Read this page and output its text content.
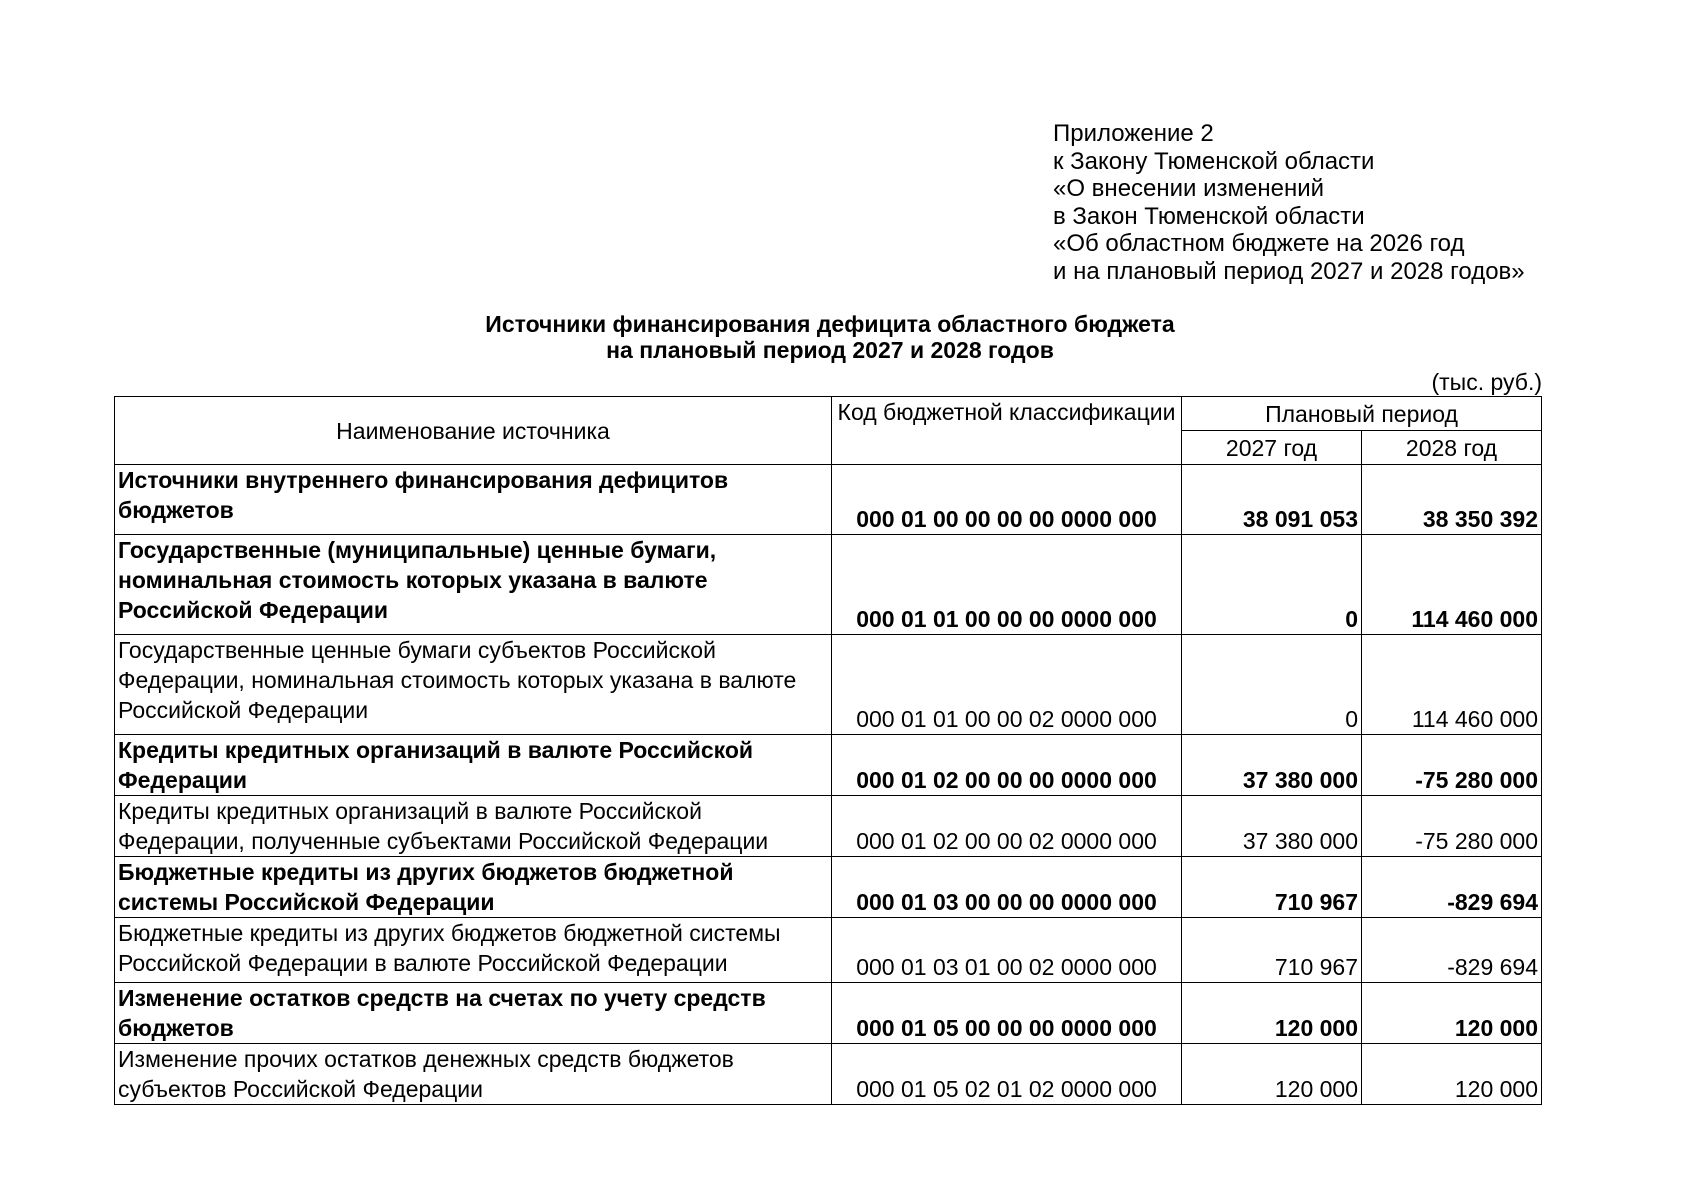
Приложение 2
к Закону Тюменской области
«О внесении изменений
в Закон Тюменской области
«Об областном бюджете на 2026 год
и на плановый период 2027 и 2028 годов»
Источники финансирования дефицита областного бюджета
на плановый период 2027 и 2028 годов
(тыс. руб.)
Наименование источника	Код бюджетной классификации	Плановый период	
		2027 год	2028 год
Источники внутреннего финансирования дефицитов бюджетов	000 01 00 00 00 00 0000 000	38 091 053	38 350 392
Государственные (муниципальные) ценные бумаги, номинальная стоимость которых указана в валюте Российской Федерации	000 01 01 00 00 00 0000 000	0	114 460 000
Государственные ценные бумаги субъектов Российской Федерации, номинальная стоимость которых указана в валюте Российской Федерации	000 01 01 00 00 02 0000 000	0	114 460 000
Кредиты кредитных организаций в валюте Российской Федерации	000 01 02 00 00 00 0000 000	37 380 000	-75 280 000
Кредиты кредитных организаций в валюте Российской Федерации, полученные субъектами Российской Федерации	000 01 02 00 00 02 0000 000	37 380 000	-75 280 000
Бюджетные кредиты из других бюджетов бюджетной системы Российской Федерации	000 01 03 00 00 00 0000 000	710 967	-829 694
Бюджетные кредиты из других бюджетов бюджетной системы Российской Федерации в валюте Российской Федерации	000 01 03 01 00 02 0000 000	710 967	-829 694
Изменение остатков средств на счетах по учету средств бюджетов	000 01 05 00 00 00 0000 000	120 000	120 000
Изменение прочих остатков денежных средств бюджетов субъектов Российской Федерации	000 01 05 02 01 02 0000 000	120 000	120 000
